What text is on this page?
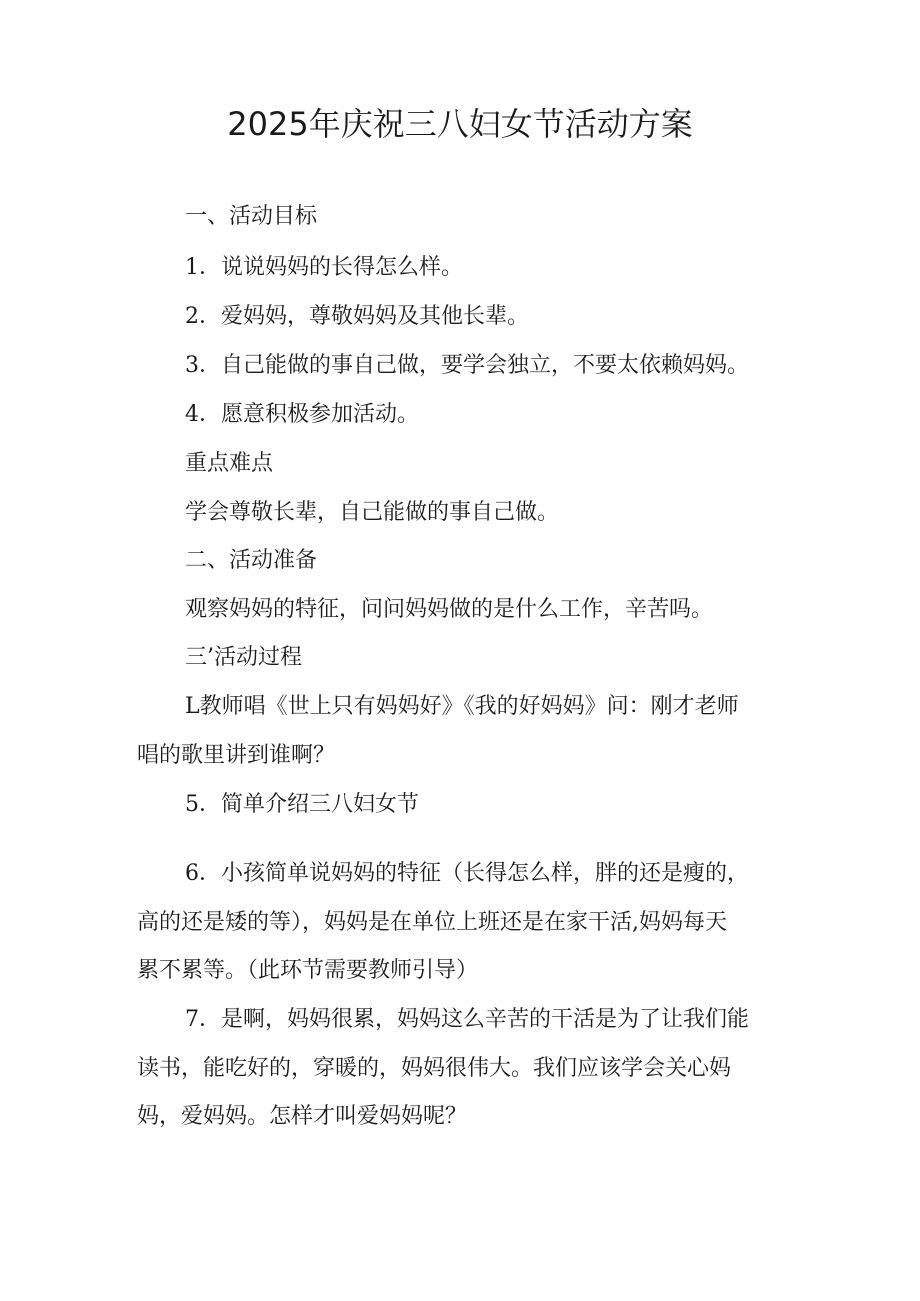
2025年庆祝三八妇女节活动方案

一、活动目标

1．说说妈妈的长得怎么样。

2．爱妈妈，尊敬妈妈及其他长辈。

3．自己能做的事自己做，要学会独立，不要太依赖妈妈。

4．愿意积极参加活动。

重点难点

学会尊敬长辈，自己能做的事自己做。

二、活动准备

观察妈妈的特征，问问妈妈做的是什么工作，辛苦吗。

三’活动过程

L教师唱《世上只有妈妈好》《我的好妈妈》问：刚才老师

唱的歌里讲到谁啊？

5．简单介绍三八妇女节

6．小孩简单说妈妈的特征（长得怎么样，胖的还是瘦的，

高的还是矮的等），妈妈是在单位上班还是在家干活,妈妈每天

累不累等。（此环节需要教师引导）

7．是啊，妈妈很累，妈妈这么辛苦的干活是为了让我们能

读书，能吃好的，穿暖的，妈妈很伟大。我们应该学会关心妈

妈，爱妈妈。怎样才叫爱妈妈呢？
